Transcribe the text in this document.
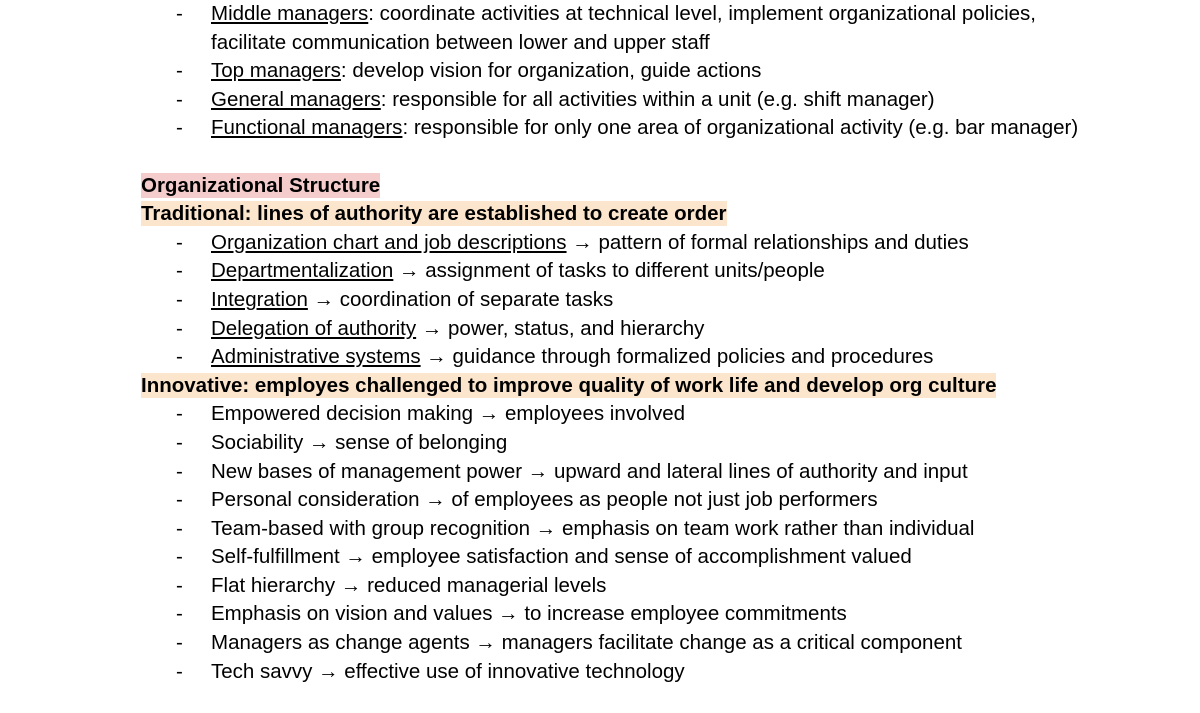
- Middle managers: coordinate activities at technical level, implement organizational policies, facilitate communication between lower and upper staff
- Top managers: develop vision for organization, guide actions
- General managers: responsible for all activities within a unit (e.g. shift manager)
- Functional managers: responsible for only one area of organizational activity (e.g. bar manager)
Organizational Structure
Traditional: lines of authority are established to create order
- Organization chart and job descriptions → pattern of formal relationships and duties
- Departmentalization → assignment of tasks to different units/people
- Integration → coordination of separate tasks
- Delegation of authority → power, status, and hierarchy
- Administrative systems → guidance through formalized policies and procedures
Innovative: employes challenged to improve quality of work life and develop org culture
- Empowered decision making → employees involved
- Sociability → sense of belonging
- New bases of management power → upward and lateral lines of authority and input
- Personal consideration → of employees as people not just job performers
- Team-based with group recognition → emphasis on team work rather than individual
- Self-fulfillment → employee satisfaction and sense of accomplishment valued
- Flat hierarchy → reduced managerial levels
- Emphasis on vision and values → to increase employee commitments
- Managers as change agents → managers facilitate change as a critical component
- Tech savvy → effective use of innovative technology
